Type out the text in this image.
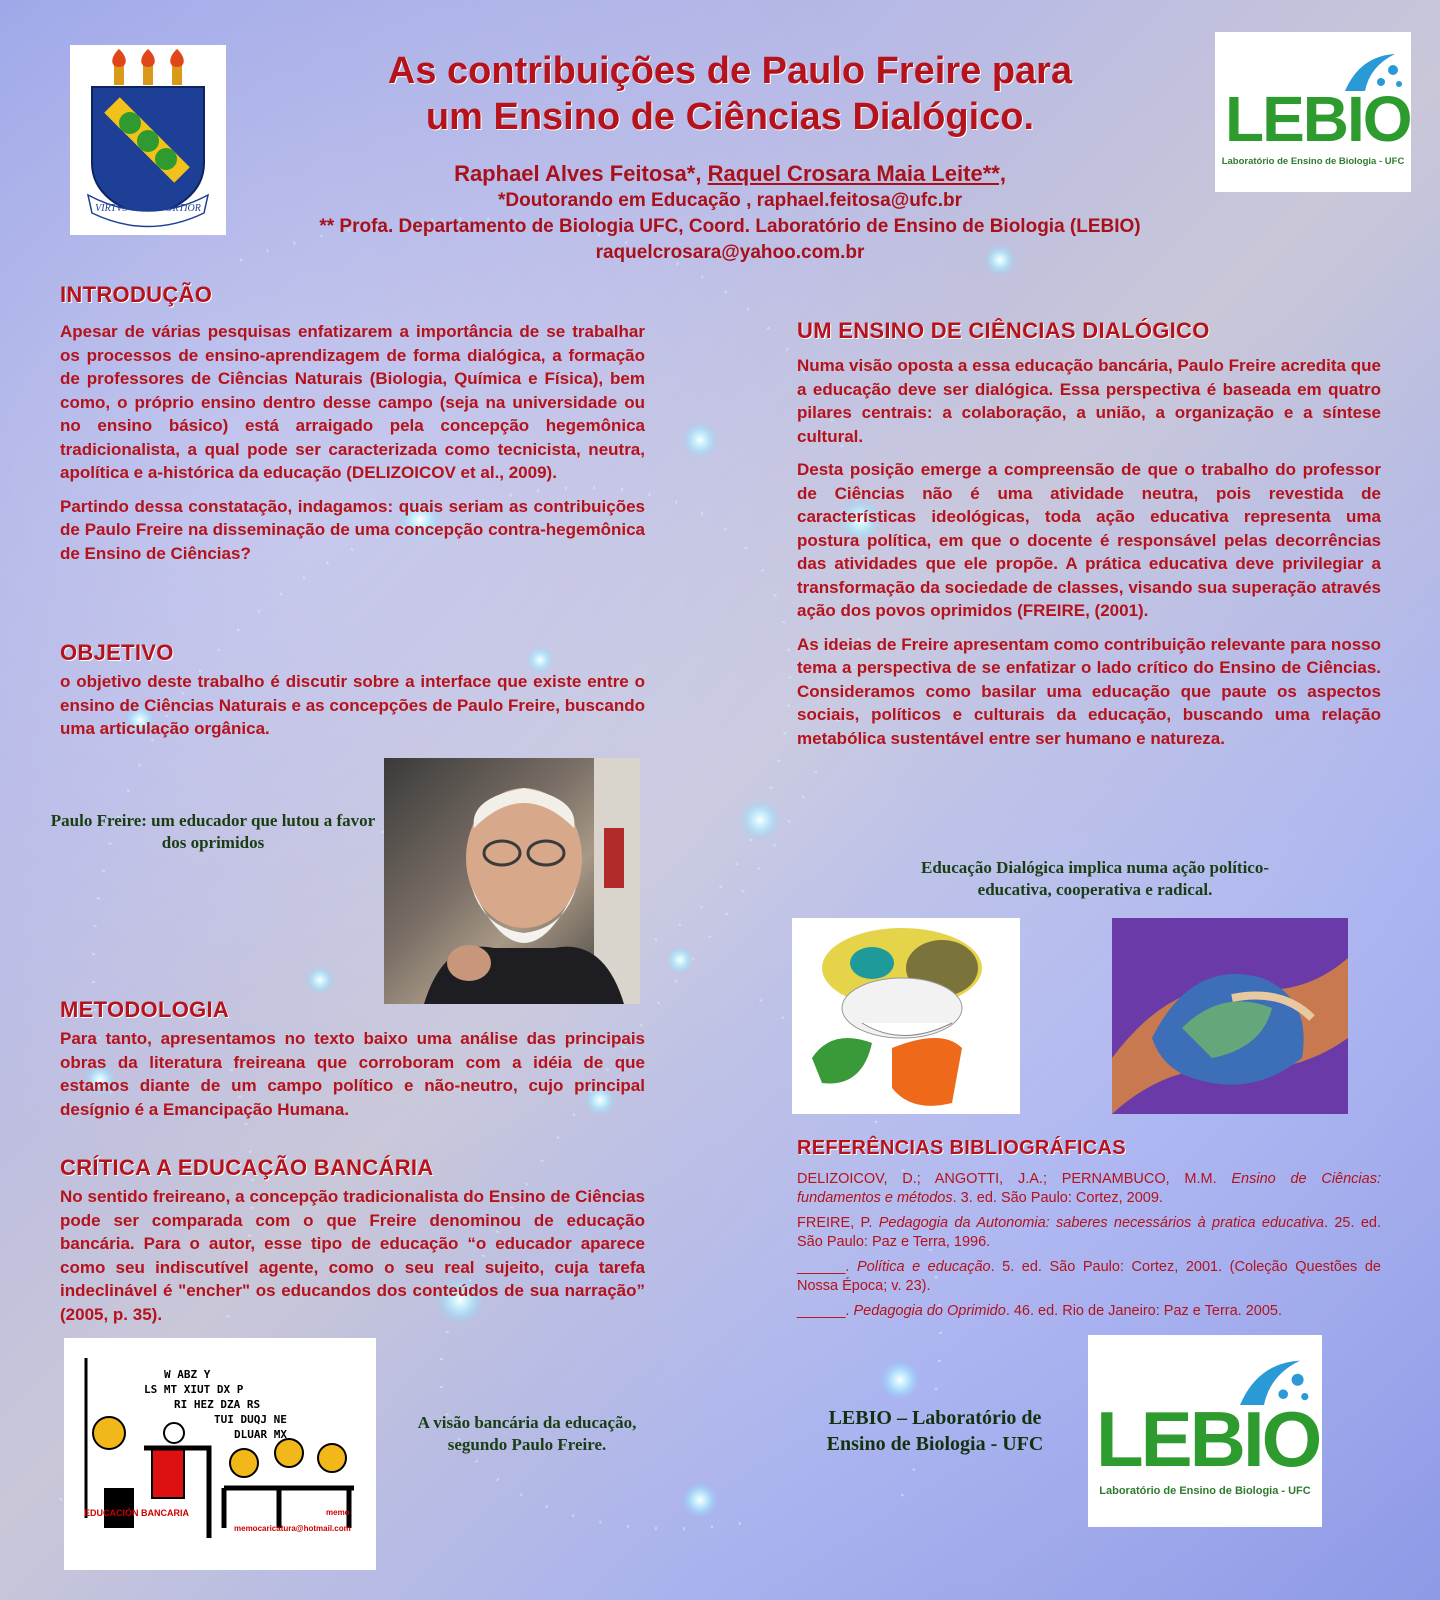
VIRTVS VNITA FORTIOR
LEBIO
Laboratório de Ensino de Biologia - UFC
As contribuições de Paulo Freire para
um Ensino de Ciências Dialógico.
Raphael Alves Feitosa*, Raquel Crosara Maia Leite**,
*Doutorando em Educação , raphael.feitosa@ufc.br
** Profa. Departamento de Biologia UFC, Coord. Laboratório de Ensino de Biologia (LEBIO)
raquelcrosara@yahoo.com.br
INTRODUÇÃO

Apesar de várias pesquisas enfatizarem a importância de se trabalhar os processos de ensino-aprendizagem de forma dialógica, a formação de professores de Ciências Naturais (Biologia, Química e Física), bem como, o próprio ensino dentro desse campo (seja na universidade ou no ensino básico) está arraigado pela concepção hegemônica tradicionalista, a qual pode ser caracterizada como tecnicista, neutra, apolítica e a-histórica da educação (DELIZOICOV et al., 2009).

Partindo dessa constatação, indagamos: quais seriam as contribuições de Paulo Freire na disseminação de uma concepção contra-hegemônica de Ensino de Ciências?

OBJETIVO

o objetivo deste trabalho é discutir sobre a interface que existe entre o ensino de Ciências Naturais e as concepções de Paulo Freire, buscando uma articulação orgânica.

Paulo Freire: um educador que lutou a favor dos oprimidos
METODOLOGIA

Para tanto, apresentamos no texto baixo uma análise das principais obras da literatura freireana que corroboram com a idéia de que estamos diante de um campo político e não-neutro, cujo principal desígnio é a Emancipação Humana.

CRÍTICA A EDUCAÇÃO BANCÁRIA

No sentido freireano, a concepção tradicionalista do Ensino de Ciências pode ser comparada com o que Freire denominou de educação bancária. Para o autor, esse tipo de educação “o educador aparece como seu indiscutível agente, como o seu real sujeito, cuja tarefa indeclinável é "encher" os educandos dos conteúdos de sua narração” (2005, p. 35).

W ABZ Y
LS MT XIUT DX P
RI HEZ DZA RS
TUI DUQJ NE
DLUAR MX
EDUCACIÓN BANCARIA	memo
memocaricatura@hotmail.com
A visão bancária da educação, segundo Paulo Freire.
UM ENSINO DE CIÊNCIAS DIALÓGICO

Numa visão oposta a essa educação bancária, Paulo Freire acredita que a educação deve ser dialógica. Essa perspectiva é baseada em quatro pilares centrais: a colaboração, a união, a organização e a síntese cultural.

Desta posição emerge a compreensão de que o trabalho do professor de Ciências não é uma atividade neutra, pois revestida de características ideológicas, toda ação educativa representa uma postura política, em que o docente é responsável pelas decorrências das atividades que ele propõe. A prática educativa deve privilegiar a transformação da sociedade de classes, visando sua superação através ação dos povos oprimidos (FREIRE, (2001).

As ideias de Freire apresentam como contribuição relevante para nosso tema a perspectiva de se enfatizar o lado crítico do Ensino de Ciências. Consideramos como basilar uma educação que paute os aspectos sociais, políticos e culturais da educação, buscando uma relação metabólica sustentável entre ser humano e natureza.

Educação Dialógica implica numa ação político-educativa, cooperativa e radical.
REFERÊNCIAS BIBLIOGRÁFICAS

DELIZOICOV, D.; ANGOTTI, J.A.; PERNAMBUCO, M.M. Ensino de Ciências: fundamentos e métodos. 3. ed. São Paulo: Cortez, 2009.

FREIRE, P. Pedagogia da Autonomia: saberes necessários à pratica educativa. 25. ed. São Paulo: Paz e Terra, 1996.

______. Política e educação. 5. ed. São Paulo: Cortez, 2001. (Coleção Questões de Nossa Época; v. 23).

______. Pedagogia do Oprimido. 46. ed. Rio de Janeiro: Paz e Terra. 2005.

LEBIO – Laboratório de Ensino de Biologia - UFC LEBIO
Laboratório de Ensino de Biologia - UFC
